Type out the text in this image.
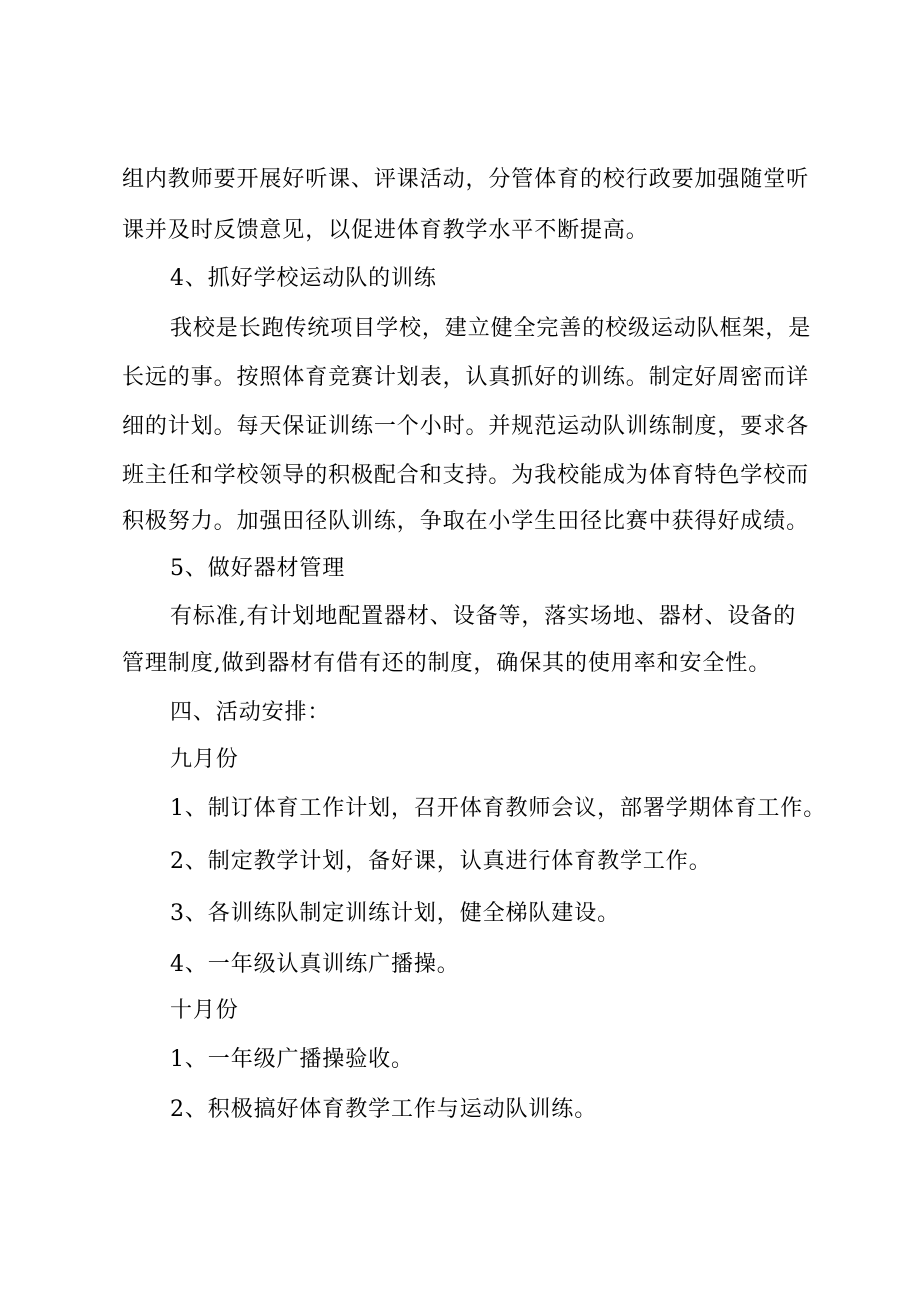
组内教师要开展好听课、评课活动，分管体育的校行政要加强随堂听
课并及时反馈意见，以促进体育教学水平不断提高。
4、抓好学校运动队的训练
我校是长跑传统项目学校，建立健全完善的校级运动队框架，是
长远的事。按照体育竞赛计划表，认真抓好的训练。制定好周密而详
细的计划。每天保证训练一个小时。并规范运动队训练制度，要求各
班主任和学校领导的积极配合和支持。为我校能成为体育特色学校而
积极努力。加强田径队训练，争取在小学生田径比赛中获得好成绩。
5、做好器材管理
有标准,有计划地配置器材、设备等，落实场地、器材、设备的
管理制度,做到器材有借有还的制度，确保其的使用率和安全性。
四、活动安排：
九月份
1、制订体育工作计划，召开体育教师会议，部署学期体育工作。
2、制定教学计划，备好课，认真进行体育教学工作。
3、各训练队制定训练计划，健全梯队建设。
4、一年级认真训练广播操。
十月份
1、一年级广播操验收。
2、积极搞好体育教学工作与运动队训练。
